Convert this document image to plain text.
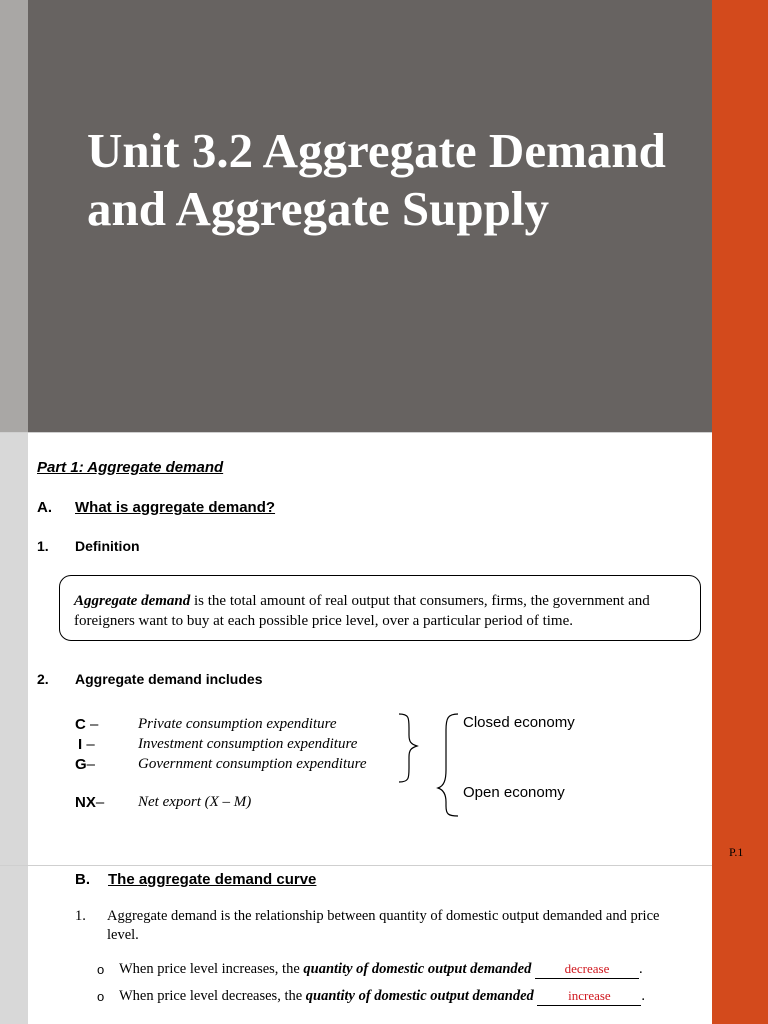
Unit 3.2 Aggregate Demand and Aggregate Supply
Part 1: Aggregate demand
A. What is aggregate demand?
1. Definition
Aggregate demand is the total amount of real output that consumers, firms, the government and foreigners want to buy at each possible price level, over a particular period of time.
2. Aggregate demand includes
C –	Private consumption expenditure
I –	Investment consumption expenditure
G–	Government consumption expenditure
NX– Net export (X – M)
Closed economy
Open economy
P.1
B. The aggregate demand curve
1. Aggregate demand is the relationship between quantity of domestic output demanded and price level.
o When price level increases, the quantity of domestic output demanded	decrease .
o When price level decreases, the quantity of domestic output demanded	increase .
